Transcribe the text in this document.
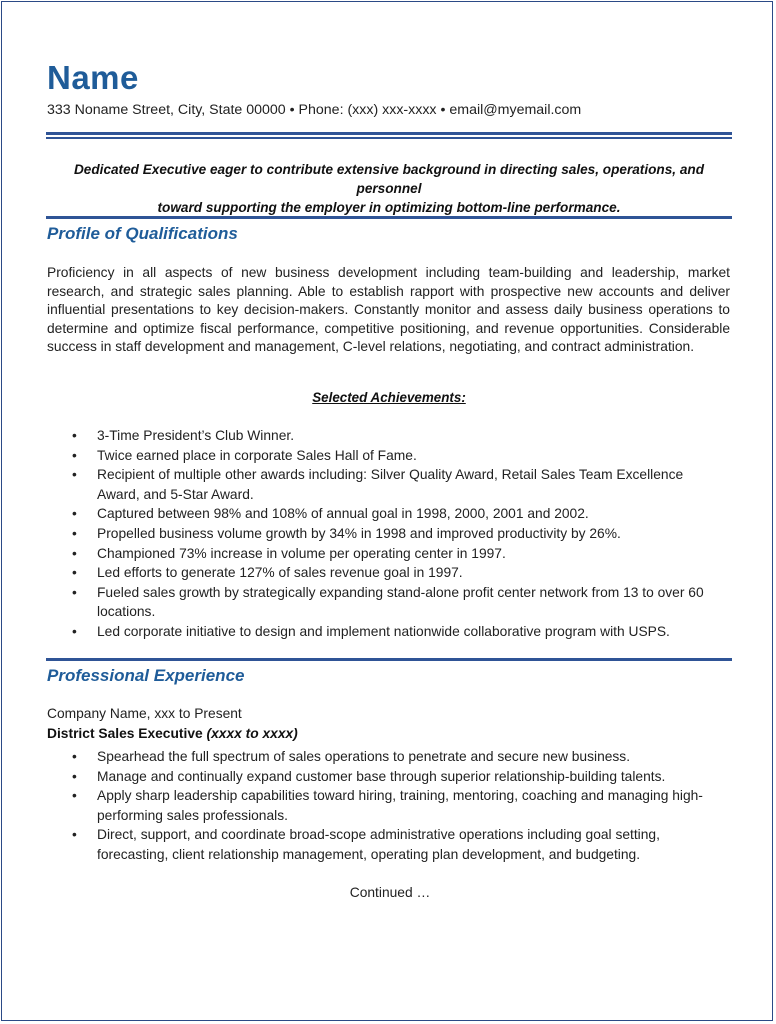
Name
333 Noname Street, City, State 00000 • Phone: (xxx) xxx-xxxx • email@myemail.com
Dedicated Executive eager to contribute extensive background in directing sales, operations, and personnel
toward supporting the employer in optimizing bottom-line performance.
Profile of Qualifications
Proficiency in all aspects of new business development including team-building and leadership, market research, and strategic sales planning. Able to establish rapport with prospective new accounts and deliver influential presentations to key decision-makers. Constantly monitor and assess daily business operations to determine and optimize fiscal performance, competitive positioning, and revenue opportunities. Considerable success in staff development and management, C-level relations, negotiating, and contract administration.
Selected Achievements:
• 3-Time President’s Club Winner.
• Twice earned place in corporate Sales Hall of Fame.
• Recipient of multiple other awards including: Silver Quality Award, Retail Sales Team Excellence Award, and 5-Star Award.
• Captured between 98% and 108% of annual goal in 1998, 2000, 2001 and 2002.
• Propelled business volume growth by 34% in 1998 and improved productivity by 26%.
• Championed 73% increase in volume per operating center in 1997.
• Led efforts to generate 127% of sales revenue goal in 1997.
• Fueled sales growth by strategically expanding stand-alone profit center network from 13 to over 60 locations.
• Led corporate initiative to design and implement nationwide collaborative program with USPS.
Professional Experience
Company Name, xxx to Present
District Sales Executive (xxxx to xxxx)
• Spearhead the full spectrum of sales operations to penetrate and secure new business.
• Manage and continually expand customer base through superior relationship-building talents.
• Apply sharp leadership capabilities toward hiring, training, mentoring, coaching and managing high-performing sales professionals.
• Direct, support, and coordinate broad-scope administrative operations including goal setting, forecasting, client relationship management, operating plan development, and budgeting.
Continued …
